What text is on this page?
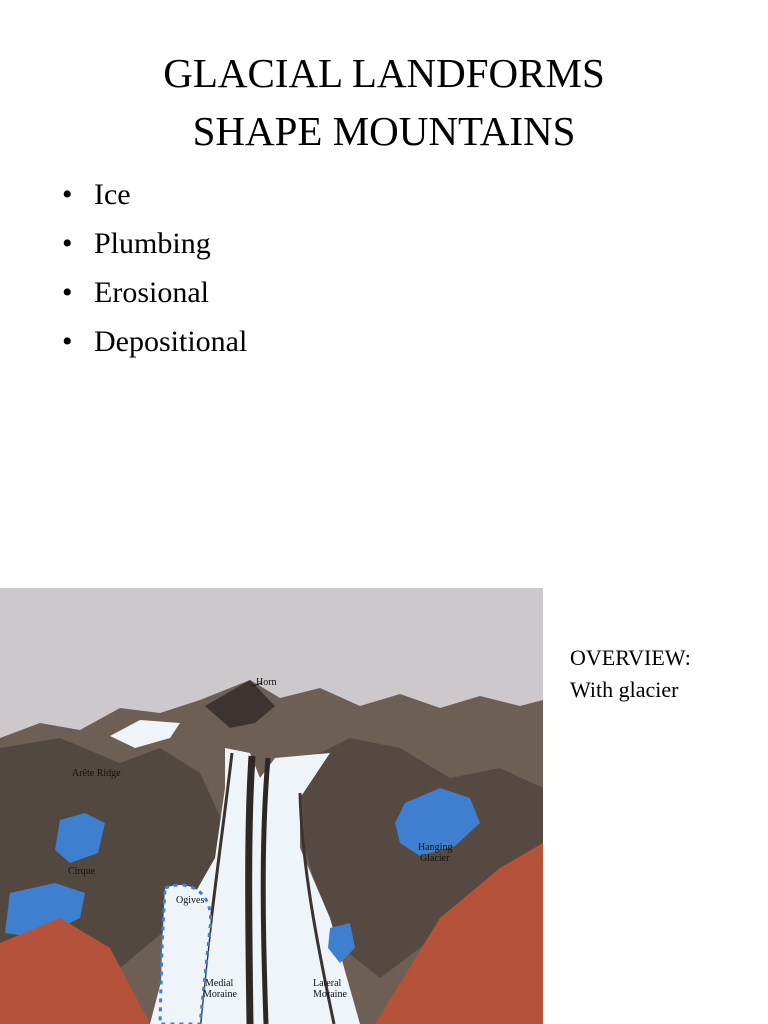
GLACIAL LANDFORMS
SHAPE MOUNTAINS
• Ice
• Plumbing
• Erosional
• Depositional
Horn
Arête Ridge
Cirque
Hanging Glacier
Ogives
Medial Moraine
Lateral Moraine
OVERVIEW:
With glacier
